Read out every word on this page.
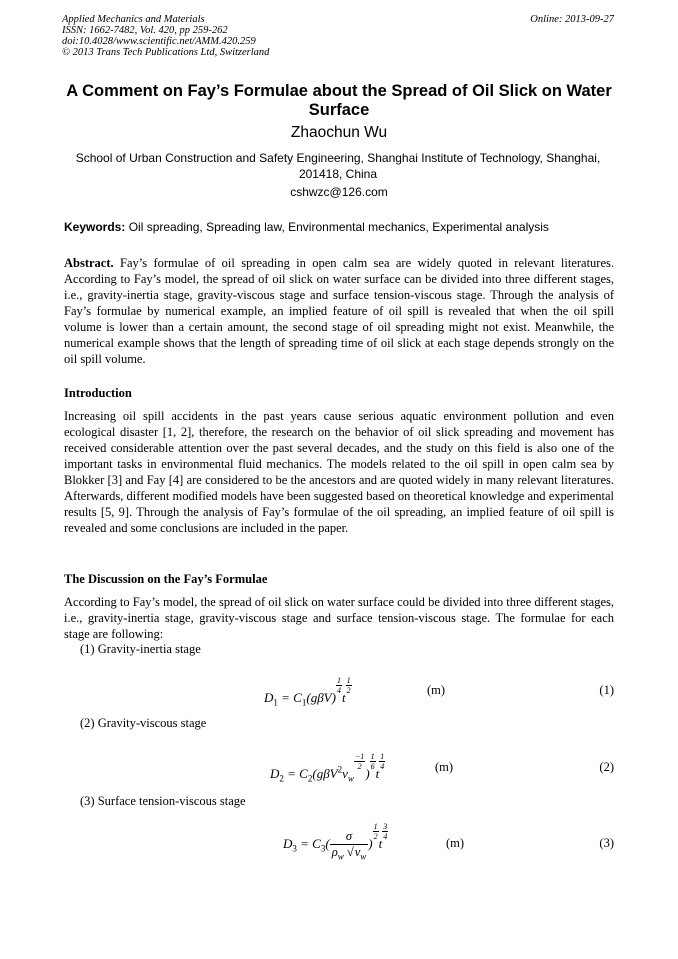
Applied Mechanics and Materials
ISSN: 1662-7482, Vol. 420, pp 259-262
doi:10.4028/www.scientific.net/AMM.420.259
© 2013 Trans Tech Publications Ltd, Switzerland
Online: 2013-09-27
A Comment on Fay’s Formulae about the Spread of Oil Slick on Water Surface
Zhaochun Wu
School of Urban Construction and Safety Engineering, Shanghai Institute of Technology, Shanghai, 201418, China
cshwzc@126.com
Keywords: Oil spreading, Spreading law, Environmental mechanics, Experimental analysis
Abstract. Fay’s formulae of oil spreading in open calm sea are widely quoted in relevant literatures. According to Fay’s model, the spread of oil slick on water surface can be divided into three different stages, i.e., gravity-inertia stage, gravity-viscous stage and surface tension-viscous stage. Through the analysis of Fay’s formulae by numerical example, an implied feature of oil spill is revealed that when the oil spill volume is lower than a certain amount, the second stage of oil spreading might not exist. Meanwhile, the numerical example shows that the length of spreading time of oil slick at each stage depends strongly on the oil spill volume.
Introduction
Increasing oil spill accidents in the past years cause serious aquatic environment pollution and even ecological disaster [1, 2], therefore, the research on the behavior of oil slick spreading and movement has received considerable attention over the past several decades, and the study on this field is also one of the important tasks in environmental fluid mechanics. The models related to the oil spill in open calm sea by Blokker [3] and Fay [4] are considered to be the ancestors and are quoted widely in many relevant literatures. Afterwards, different modified models have been suggested based on theoretical knowledge and experimental results [5, 9]. Through the analysis of Fay’s formulae of the oil spreading, an implied feature of oil spill is revealed and some conclusions are included in the paper.
The Discussion on the Fay’s Formulae
According to Fay’s model, the spread of oil slick on water surface could be divided into three different stages, i.e., gravity-inertia stage, gravity-viscous stage and surface tension-viscous stage. The formulae for each stage are following:
(1) Gravity-inertia stage
$D_1 = C_1(g\beta V)$
$^{\frac{1}{4}}$
t
$^{\frac{1}{2}}$	(m)	(1)
(2) Gravity-viscous stage
$D_2 = C_2(g\beta V^2v_w$
$^{\frac{-1}{2}}$
)
$^{\frac{1}{6}}$
t
$^{\frac{1}{4}}$	(m)	(2)
(3) Surface tension-viscous stage
$D_3 = C_3( \frac{\sigma}{\rho_w √v_w}$ )
$^{\frac{1}{2}}$
t
$^{\frac{3}{4}}$
(m)	(3)
